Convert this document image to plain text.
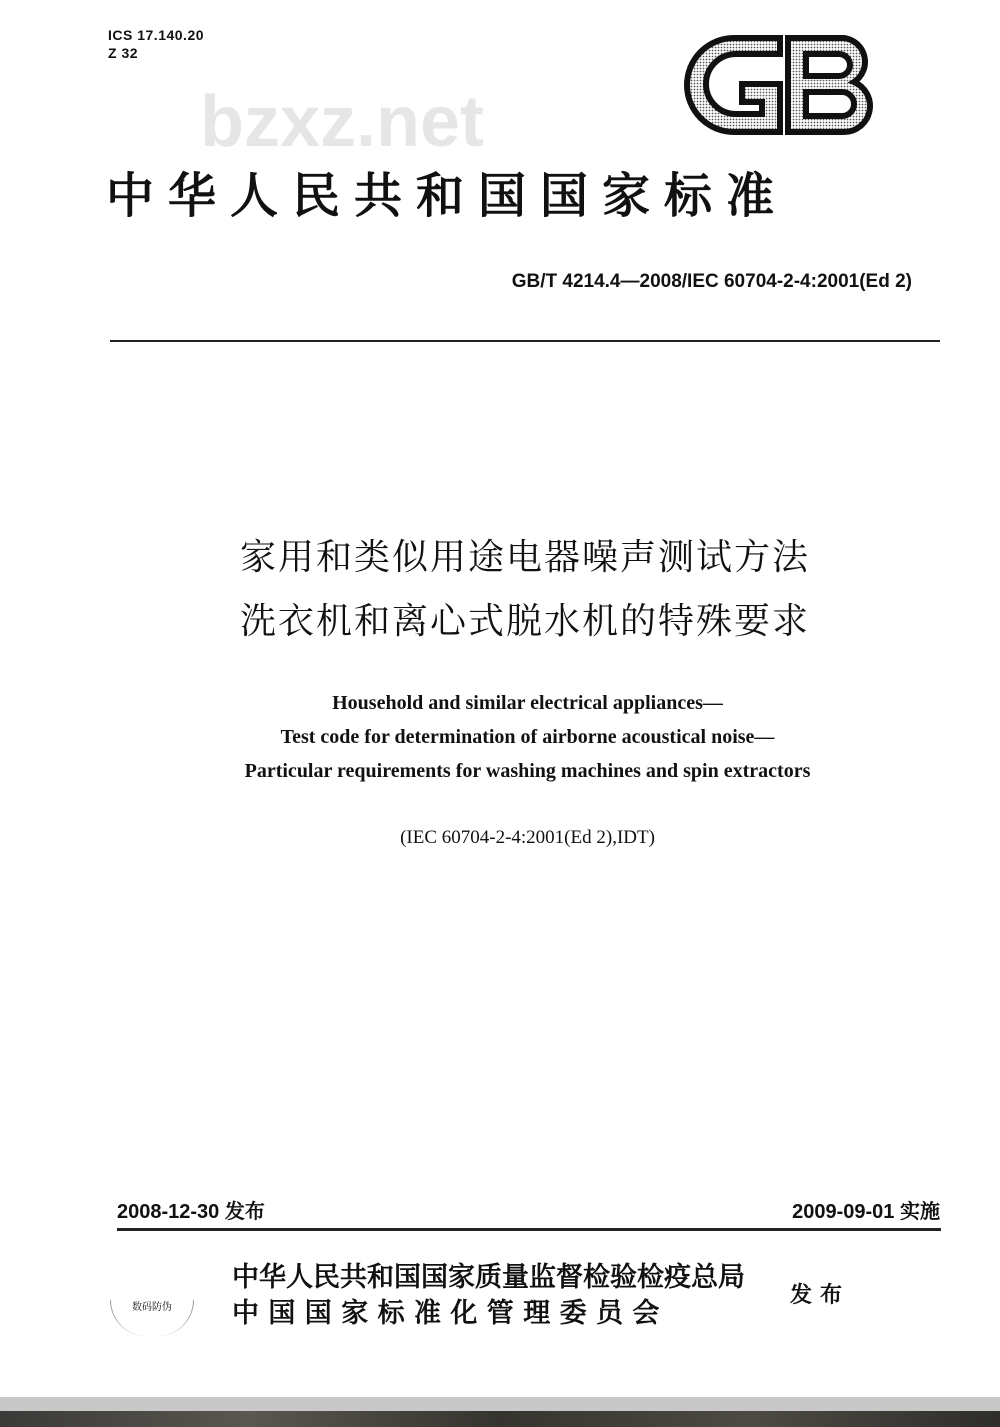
ICS 17.140.20
Z 32
bzxz.net
中华人民共和国国家标准
GB/T 4214.4—2008/IEC 60704-2-4:2001(Ed 2)
家用和类似用途电器噪声测试方法
洗衣机和离心式脱水机的特殊要求
Household and similar electrical appliances—
Test code for determination of airborne acoustical noise—
Particular requirements for washing machines and spin extractors
(IEC 60704-2-4:2001(Ed 2),IDT)
2008-12-30 发布	2009-09-01 实施
中华人民共和国国家质量监督检验检疫总局
中 国 国 家 标 准 化 管 理 委 员 会
发布
数码防伪
